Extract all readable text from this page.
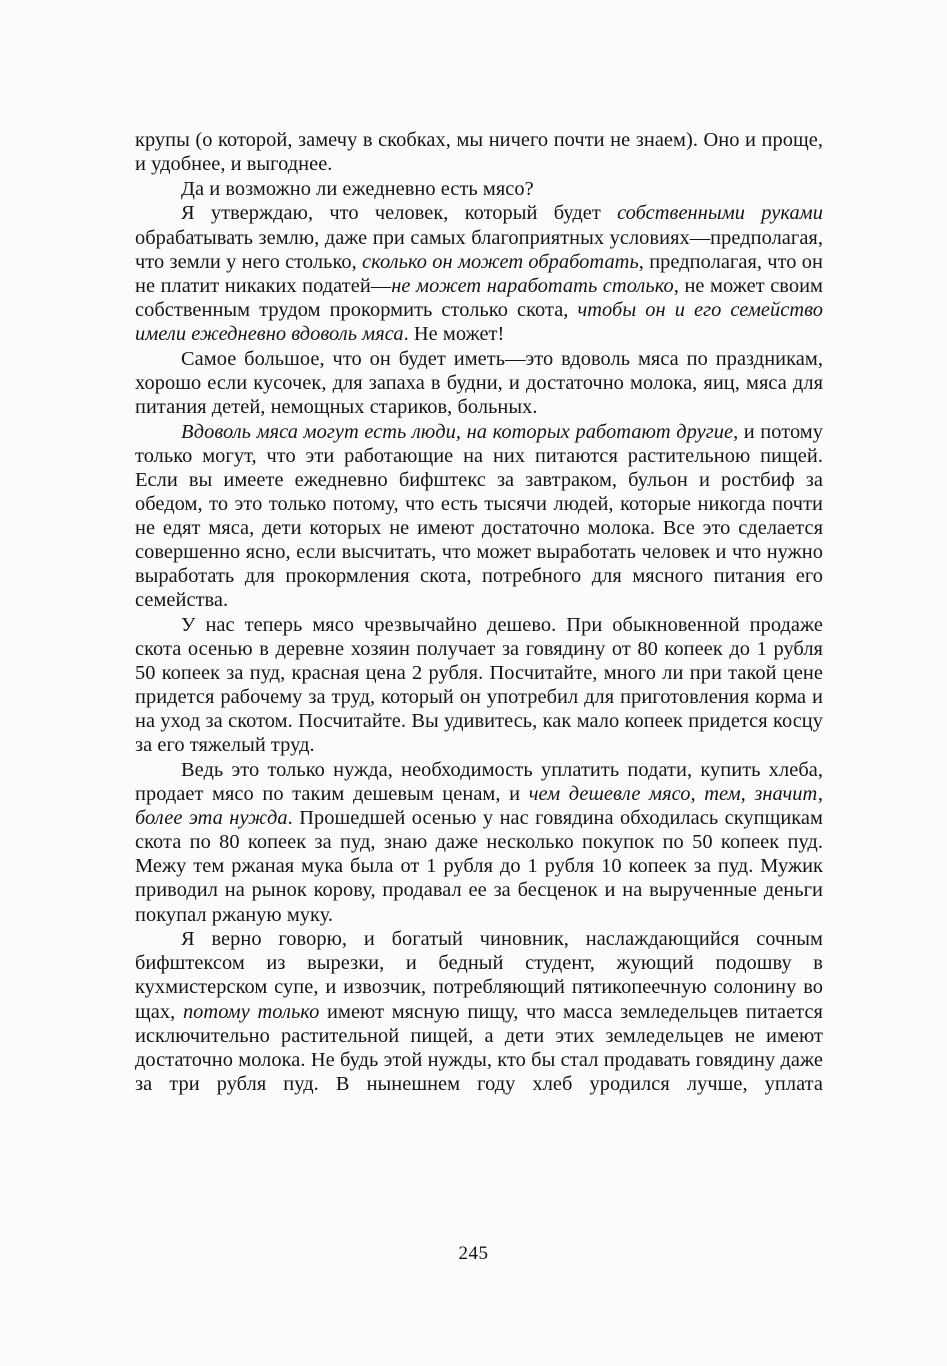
крупы (о которой, замечу в скобках, мы ничего почти не знаем). Оно и проще, и удобнее, и выгоднее.

Да и возможно ли ежедневно есть мясо?

Я утверждаю, что человек, который будет собственными руками обрабатывать землю, даже при самых благоприятных условиях—предполагая, что земли у него столько, сколько он может обработать, предполагая, что он не платит никаких податей—не может наработать столько, не может своим собственным трудом прокормить столько скота, чтобы он и его семейство имели ежедневно вдоволь мяса. Не может!

Самое большое, что он будет иметь—это вдоволь мяса по праздникам, хорошо если кусочек, для запаха в будни, и достаточно молока, яиц, мяса для питания детей, немощных стариков, больных.

Вдоволь мяса могут есть люди, на которых работают другие, и потому только могут, что эти работающие на них питаются растительною пищей. Если вы имеете ежедневно бифштекс за завтраком, бульон и ростбиф за обедом, то это только потому, что есть тысячи людей, которые никогда почти не едят мяса, дети которых не имеют достаточно молока. Все это сделается совершенно ясно, если высчитать, что может выработать человек и что нужно выработать для прокормления скота, потребного для мясного питания его семейства.

У нас теперь мясо чрезвычайно дешево. При обыкновенной продаже скота осенью в деревне хозяин получает за говядину от 80 копеек до 1 рубля 50 копеек за пуд, красная цена 2 рубля. Посчитайте, много ли при такой цене придется рабочему за труд, который он употребил для приготовления корма и на уход за скотом. Посчитайте. Вы удивитесь, как мало копеек придется косцу за его тяжелый труд.

Ведь это только нужда, необходимость уплатить подати, купить хлеба, продает мясо по таким дешевым ценам, и чем дешевле мясо, тем, значит, более эта нужда. Прошедшей осенью у нас говядина обходилась скупщикам скота по 80 копеек за пуд, знаю даже несколько покупок по 50 копеек пуд. Межу тем ржаная мука была от 1 рубля до 1 рубля 10 копеек за пуд. Мужик приводил на рынок корову, продавал ее за бесценок и на вырученные деньги покупал ржаную муку.

Я верно говорю, и богатый чиновник, наслаждающийся сочным бифштексом из вырезки, и бедный студент, жующий подошву в кухмистерском супе, и извозчик, потребляющий пятикопеечную солонину во щах, потому только имеют мясную пищу, что масса земледельцев питается исключительно растительной пищей, а дети этих земледельцев не имеют достаточно молока. Не будь этой нужды, кто бы стал продавать говядину даже за три рубля пуд. В нынешнем году хлеб уродился лучше, уплата

245
